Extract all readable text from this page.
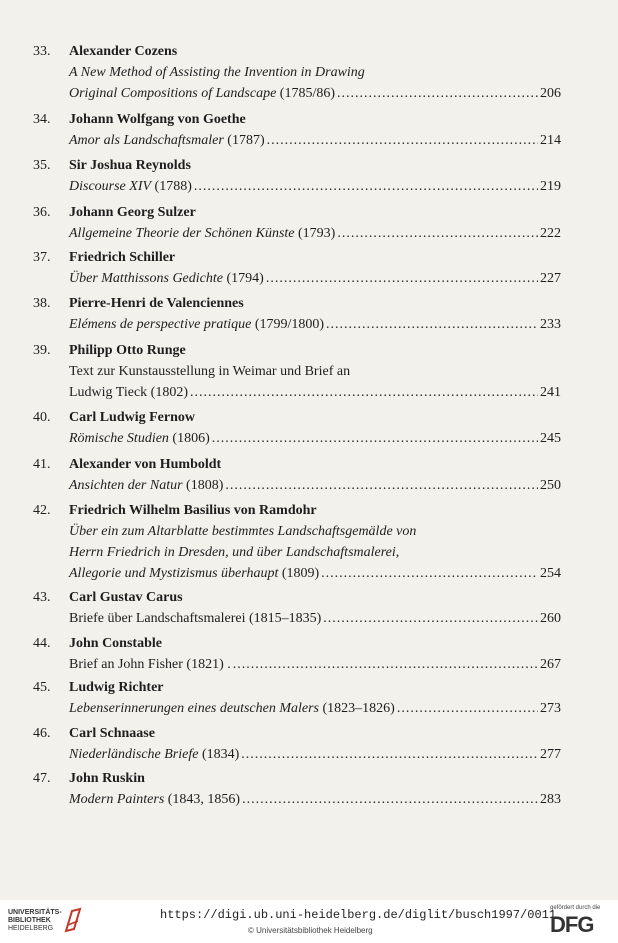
33.	Alexander Cozens
A New Method of Assisting the Invention in Drawing
Original Compositions of Landscape (1785/86) .....	206
34.	Johann Wolfgang von Goethe
Amor als Landschaftsmaler (1787) .....	214
35.	Sir Joshua Reynolds
Discourse XIV (1788) .....	219
36.	Johann Georg Sulzer
Allgemeine Theorie der Schönen Künste (1793) .....	222
37.	Friedrich Schiller
Über Matthissons Gedichte (1794) .....	227
38.	Pierre-Henri de Valenciennes
Elémens de perspective pratique (1799/1800) .....	233
39.	Philipp Otto Runge
Text zur Kunstausstellung in Weimar und Brief an
Ludwig Tieck (1802) .....	241
40.	Carl Ludwig Fernow
Römische Studien (1806) .....	245
41.	Alexander von Humboldt
Ansichten der Natur (1808) .....	250
42.	Friedrich Wilhelm Basilius von Ramdohr
Über ein zum Altarblatte bestimmtes Landschaftsgemälde von
Herrn Friedrich in Dresden, und über Landschaftsmalerei,
Allegorie und Mystizismus überhaupt (1809) .....	254
43.	Carl Gustav Carus
Briefe über Landschaftsmalerei (1815–1835) .....	260
44.	John Constable
Brief an John Fisher (1821) . .....	267
45.	Ludwig Richter
Lebenserinnerungen eines deutschen Malers (1823–1826) .....	273
46.	Carl Schnaase
Niederländische Briefe (1834) .....	277
47.	John Ruskin
Modern Painters (1843, 1856) .....	283
UNIVERSITÄTS-
BIBLIOTHEK
HEIDELBERG
https://digi.ub.uni-heidelberg.de/diglit/busch1997/0011
© Universitätsbibliothek Heidelberg
gefördert durch die
DFG
